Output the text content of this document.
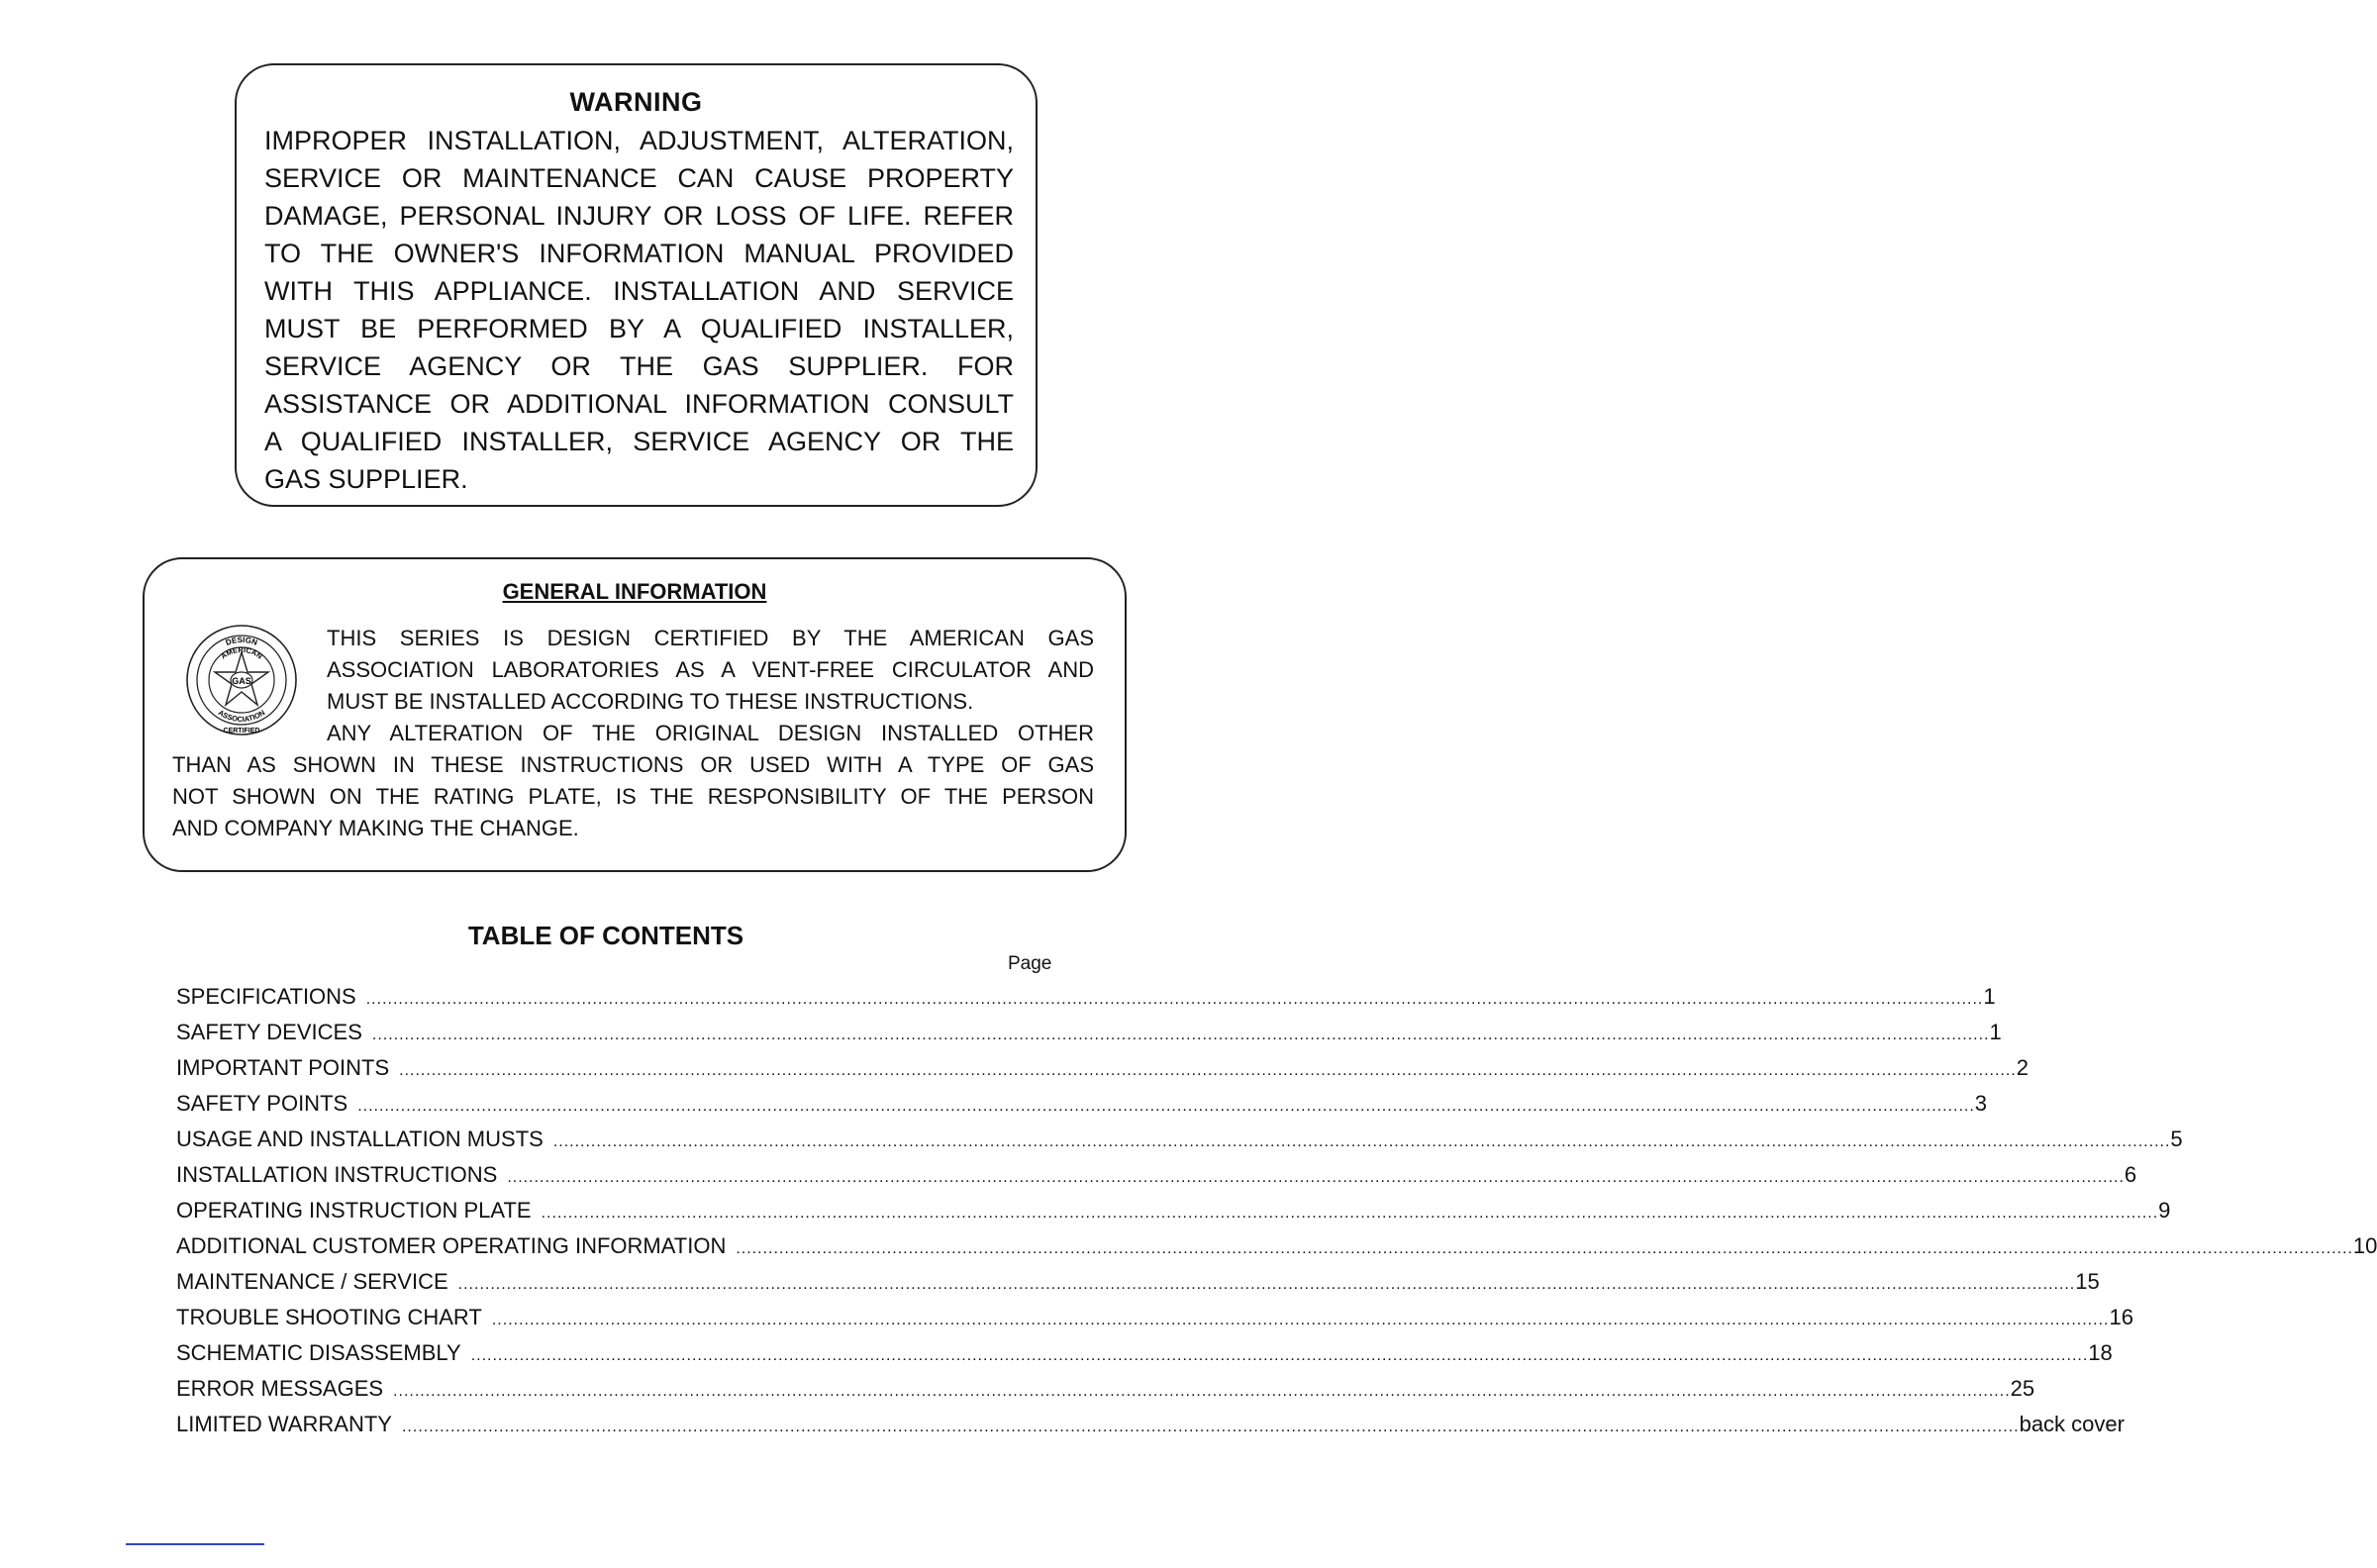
WARNING
IMPROPER INSTALLATION, ADJUSTMENT, ALTERATION,
SERVICE OR MAINTENANCE CAN CAUSE PROPERTY
DAMAGE, PERSONAL INJURY OR LOSS OF LIFE. REFER
TO THE OWNER'S INFORMATION MANUAL PROVIDED
WITH THIS APPLIANCE. INSTALLATION AND SERVICE
MUST BE PERFORMED BY A QUALIFIED INSTALLER,
SERVICE AGENCY OR THE GAS SUPPLIER. FOR
ASSISTANCE OR ADDITIONAL INFORMATION CONSULT
A QUALIFIED INSTALLER, SERVICE AGENCY OR THE
GAS SUPPLIER.
GENERAL INFORMATION
GAS
DESIGN
AMERICAN
ASSOCIATION
CERTIFIED
THIS SERIES IS DESIGN CERTIFIED BY THE AMERICAN GAS
ASSOCIATION LABORATORIES AS A VENT-FREE CIRCULATOR AND
MUST BE INSTALLED ACCORDING TO THESE INSTRUCTIONS.
ANY ALTERATION OF THE ORIGINAL DESIGN INSTALLED OTHER
THAN AS SHOWN IN THESE INSTRUCTIONS OR USED WITH A TYPE OF GAS
NOT SHOWN ON THE RATING PLATE, IS THE RESPONSIBILITY OF THE PERSON
AND COMPANY MAKING THE CHANGE.
TABLE OF CONTENTS
Page
SPECIFICATIONS ............................................................................................................................................................................................................................................................................................................ 1
SAFETY DEVICES ............................................................................................................................................................................................................................................................................................................ 1
IMPORTANT POINTS ............................................................................................................................................................................................................................................................................................................ 2
SAFETY POINTS ............................................................................................................................................................................................................................................................................................................ 3
USAGE AND INSTALLATION MUSTS ............................................................................................................................................................................................................................................................................................................ 5
INSTALLATION INSTRUCTIONS ............................................................................................................................................................................................................................................................................................................ 6
OPERATING INSTRUCTION PLATE ............................................................................................................................................................................................................................................................................................................ 9
ADDITIONAL CUSTOMER OPERATING INFORMATION ............................................................................................................................................................................................................................................................................................................ 10
MAINTENANCE / SERVICE ............................................................................................................................................................................................................................................................................................................ 15
TROUBLE SHOOTING CHART ............................................................................................................................................................................................................................................................................................................ 16
SCHEMATIC DISASSEMBLY ............................................................................................................................................................................................................................................................................................................ 18
ERROR MESSAGES ............................................................................................................................................................................................................................................................................................................ 25
LIMITED WARRANTY ............................................................................................................................................................................................................................................................................................................ back cover
